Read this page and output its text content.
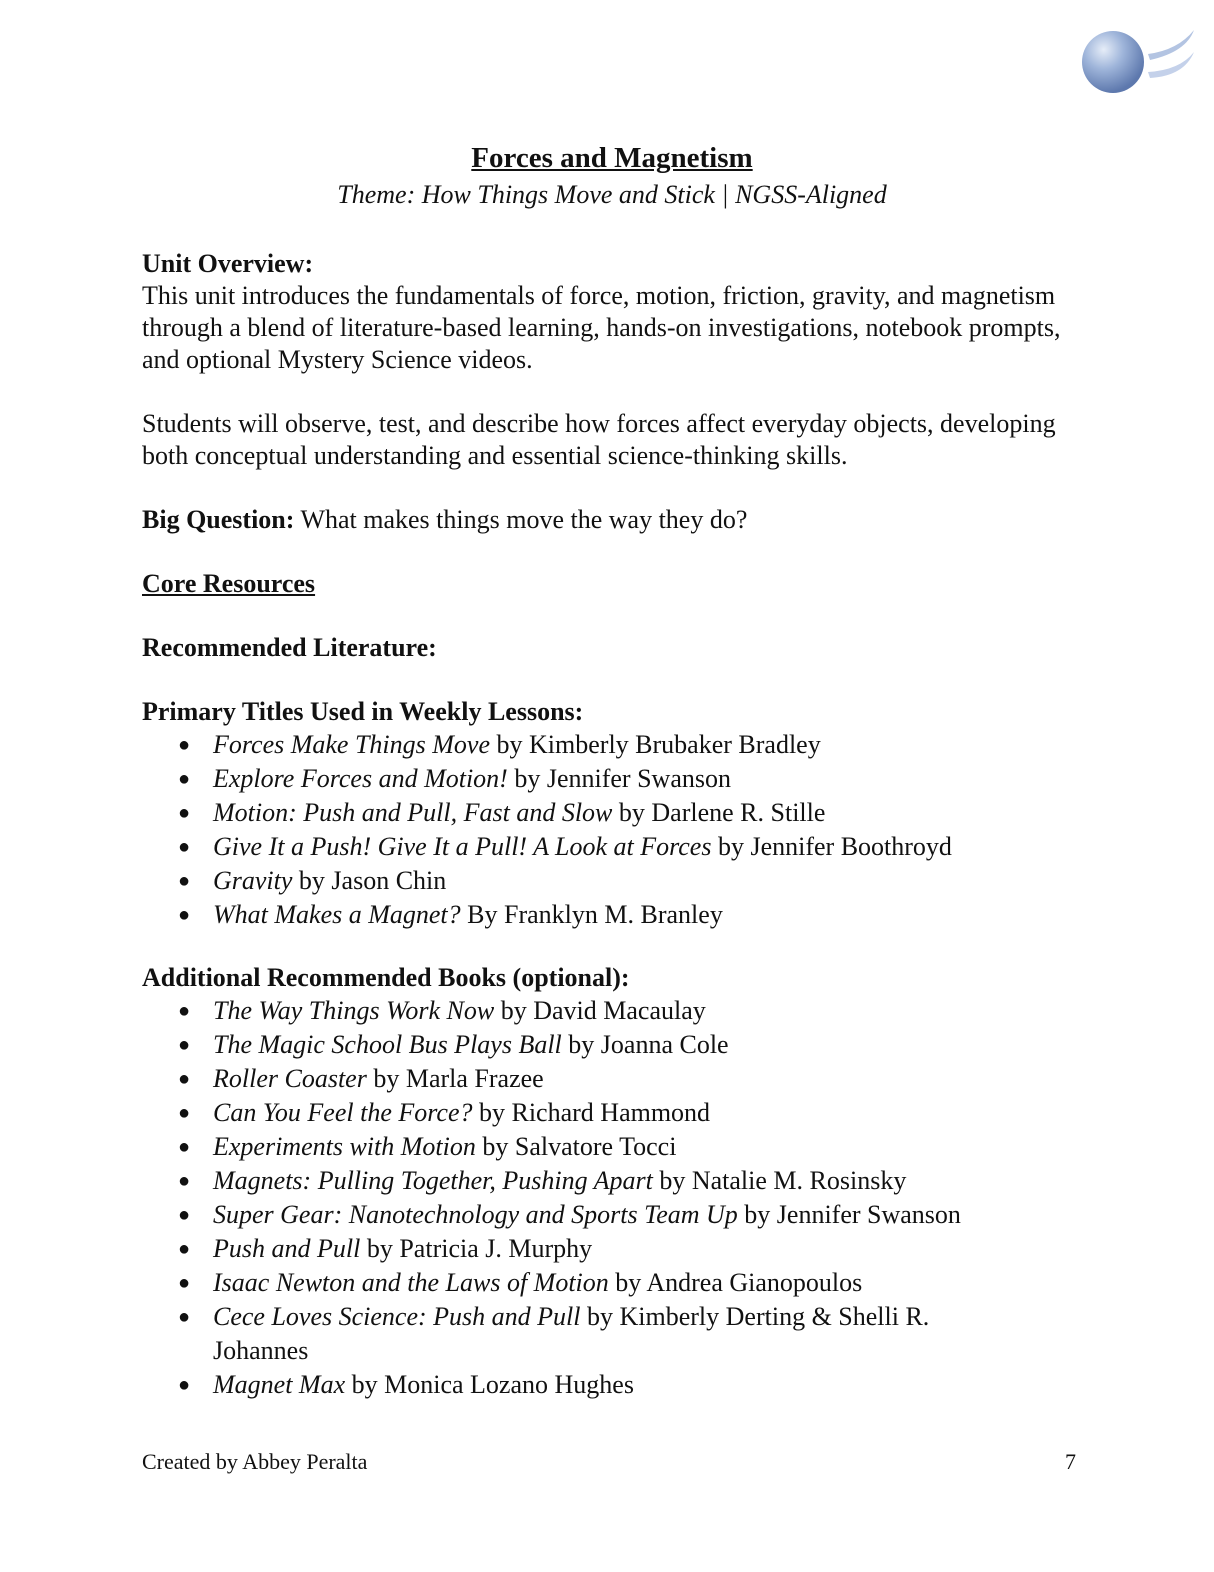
Forces and Magnetism

Theme: How Things Move and Stick | NGSS-Aligned

Unit Overview:

This unit introduces the fundamentals of force, motion, friction, gravity, and magnetism through a blend of literature-based learning, hands-on investigations, notebook prompts, and optional Mystery Science videos.

Students will observe, test, and describe how forces affect everyday objects, developing both conceptual understanding and essential science-thinking skills.

Big Question: What makes things move the way they do?

Core Resources

Recommended Literature:

Primary Titles Used in Weekly Lessons:

● Forces Make Things Move by Kimberly Brubaker Bradley
● Explore Forces and Motion! by Jennifer Swanson
● Motion: Push and Pull, Fast and Slow by Darlene R. Stille
● Give It a Push! Give It a Pull! A Look at Forces by Jennifer Boothroyd
● Gravity by Jason Chin
● What Makes a Magnet? By Franklyn M. Branley

Additional Recommended Books (optional):

● The Way Things Work Now by David Macaulay
● The Magic School Bus Plays Ball by Joanna Cole
● Roller Coaster by Marla Frazee
● Can You Feel the Force? by Richard Hammond
● Experiments with Motion by Salvatore Tocci
● Magnets: Pulling Together, Pushing Apart by Natalie M. Rosinsky
● Super Gear: Nanotechnology and Sports Team Up by Jennifer Swanson
● Push and Pull by Patricia J. Murphy
● Isaac Newton and the Laws of Motion by Andrea Gianopoulos
● Cece Loves Science: Push and Pull by Kimberly Derting & Shelli R. Johannes
● Magnet Max by Monica Lozano Hughes
Created by Abbey Peralta	7
